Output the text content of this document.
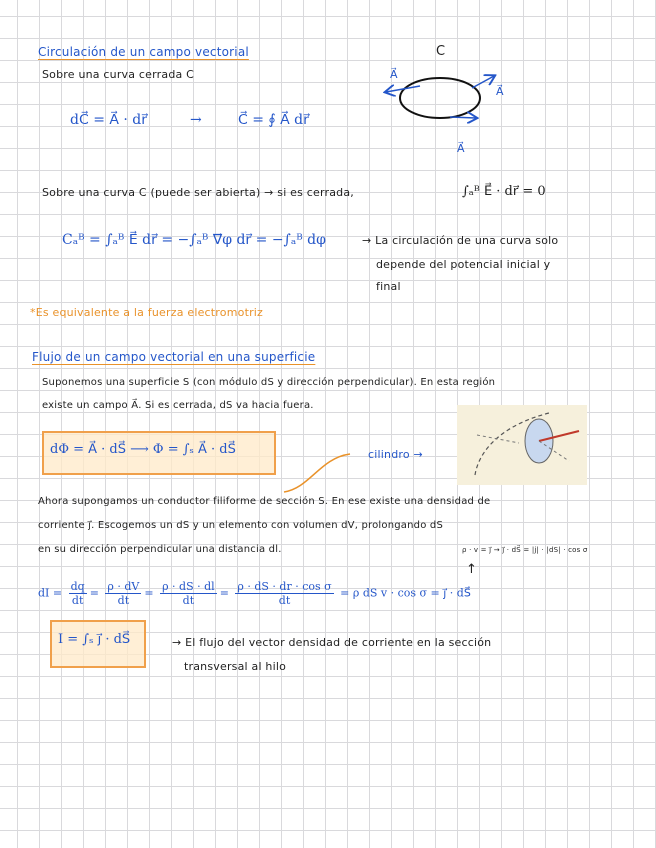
Circulación de un campo vectorial
Sobre una curva cerrada C
dC⃗ = A⃗ · dr⃗	→	C⃗ = ∮ A⃗ dr⃗
C
A⃗
A⃗
A⃗
Sobre una curva C (puede ser abierta) → si es cerrada,	∫ₐᴮ E⃗ · dr⃗ = 0
Cₐᴮ = ∫ₐᴮ E⃗ dr⃗ = −∫ₐᴮ ∇⃗φ dr⃗ = −∫ₐᴮ dφ	→ La circulación de una curva solo
depende del potencial inicial y
final
*Es equivalente a la fuerza electromotriz
Flujo de un campo vectorial en una superficie
Suponemos una superficie S (con módulo dS y dirección perpendicular). En esta región
existe un campo A⃗. Si es cerrada, dS va hacia fuera.
dΦ = A⃗ · dS⃗ ⟶ Φ = ∫ₛ A⃗ · dS⃗	cilindro →
Ahora supongamos un conductor filiforme de sección S. En ese existe una densidad de
corriente j⃗. Escogemos un dS y un elemento con volumen dV, prolongando dS
en su dirección perpendicular una distancia dl.	ρ · v = j⃗ → j⃗ · dS⃗ = |j| · |dS| · cos σ
↑
dI = $\frac{dq}{dt} = \frac{\rho \cdot dV}{dt} = \frac{\rho \cdot dS \cdot dl}{dt} = \frac{\text{ρ · dS · dr · cos σ}}{dt} = \rho$ dS v · cos σ = j⃗ · dS⃗
I = ∫ₛ j⃗ · dS⃗	→ El flujo del vector densidad de corriente en la sección
transversal al hilo
